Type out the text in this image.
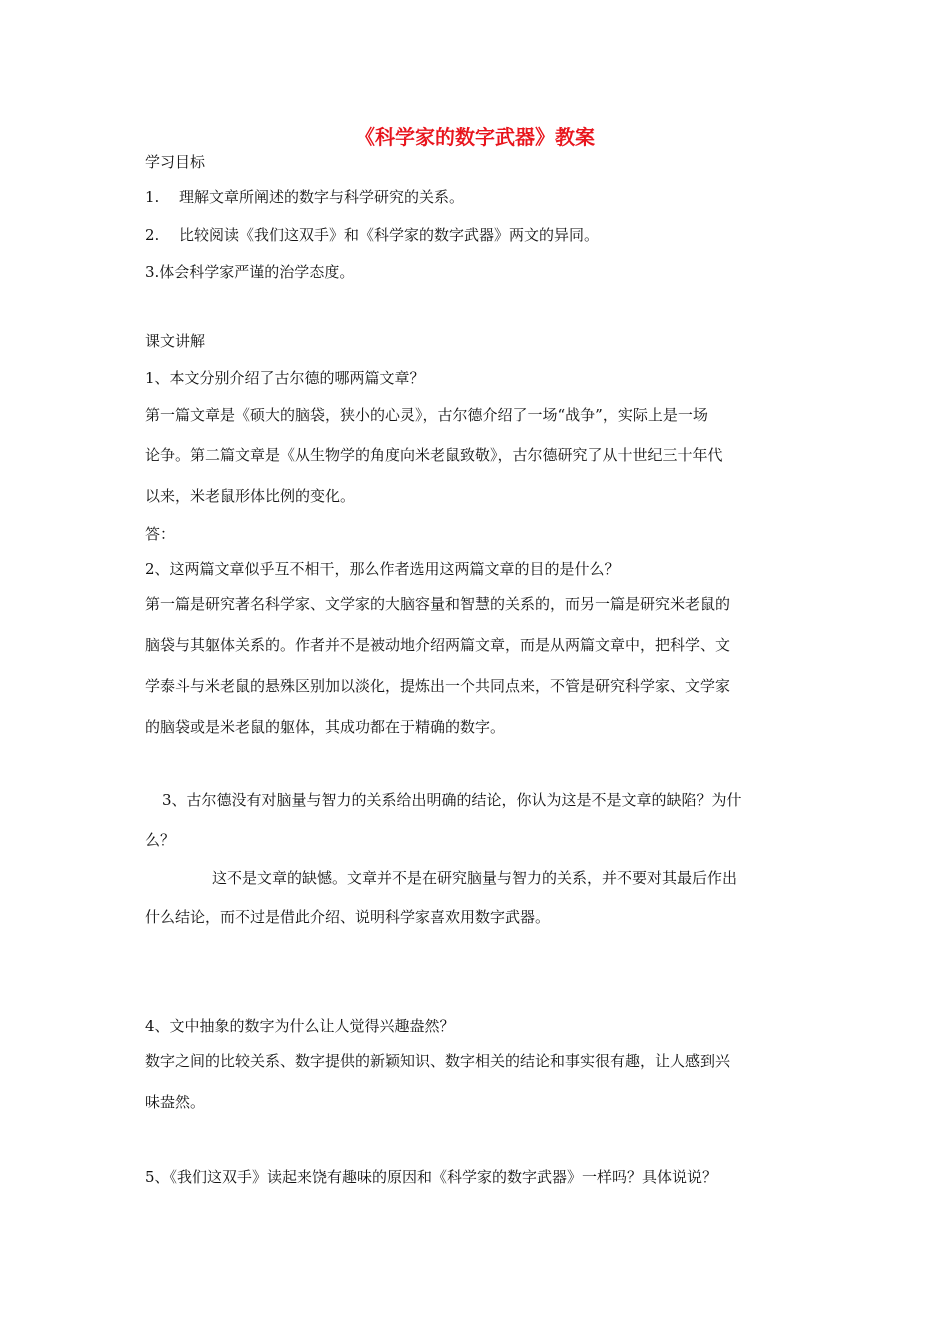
《科学家的数字武器》教案
学习目标
1. 理解文章所阐述的数字与科学研究的关系。
2. 比较阅读《我们这双手》和《科学家的数字武器》两文的异同。
3.体会科学家严谨的治学态度。
课文讲解
1、本文分别介绍了古尔德的哪两篇文章？
第一篇文章是《硕大的脑袋，狭小的心灵》，古尔德介绍了一场“战争”，实际上是一场
论争。第二篇文章是《从生物学的角度向米老鼠致敬》，古尔德研究了从十世纪三十年代
以来，米老鼠形体比例的变化。
答：
2、这两篇文章似乎互不相干，那么作者选用这两篇文章的目的是什么？
第一篇是研究著名科学家、文学家的大脑容量和智慧的关系的，而另一篇是研究米老鼠的
脑袋与其躯体关系的。作者并不是被动地介绍两篇文章，而是从两篇文章中，把科学、文
学泰斗与米老鼠的悬殊区别加以淡化，提炼出一个共同点来，不管是研究科学家、文学家
的脑袋或是米老鼠的躯体，其成功都在于精确的数字。
3、古尔德没有对脑量与智力的关系给出明确的结论，你认为这是不是文章的缺陷？为什
么？
这不是文章的缺憾。文章并不是在研究脑量与智力的关系，并不要对其最后作出
什么结论，而不过是借此介绍、说明科学家喜欢用数字武器。
4、文中抽象的数字为什么让人觉得兴趣盎然？
数字之间的比较关系、数字提供的新颖知识、数字相关的结论和事实很有趣，让人感到兴
味盎然。
5、《我们这双手》读起来饶有趣味的原因和《科学家的数字武器》一样吗？具体说说？
